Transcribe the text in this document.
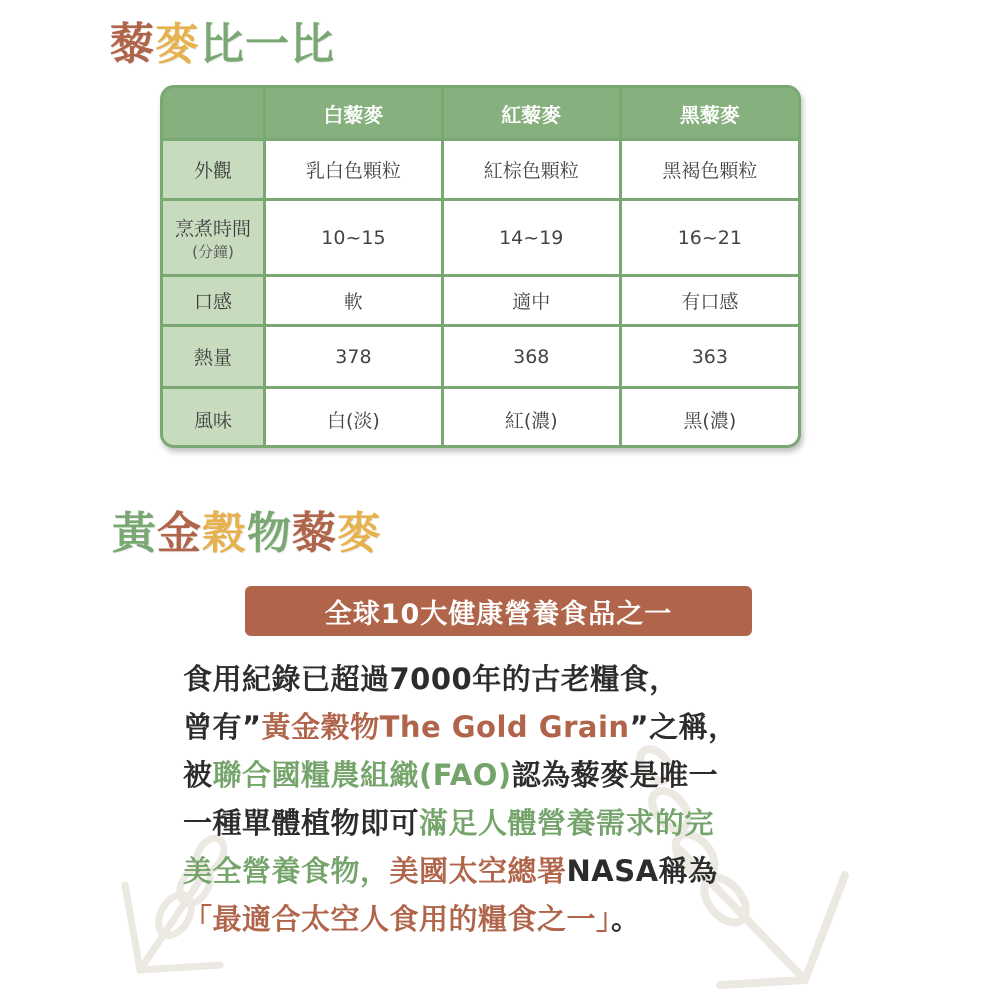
藜麥比一比
	白藜麥	紅藜麥	黑藜麥
外觀	乳白色顆粒	紅棕色顆粒	黑褐色顆粒
烹煮時間
(分鐘)	10~15	14~19	16~21
口感	軟	適中	有口感
熱量	378	368	363
風味	白(淡)	紅(濃)	黑(濃)
黃金穀物藜麥
全球10大健康營養食品之一
食用紀錄已超過7000年的古老糧食，
曾有”黃金穀物The Gold Grain”之稱，
被聯合國糧農組織(FAO)認為藜麥是唯一
一種單體植物即可滿足人體營養需求的完
美全營養食物，美國太空總署NASA稱為
「最適合太空人食用的糧食之一」。
